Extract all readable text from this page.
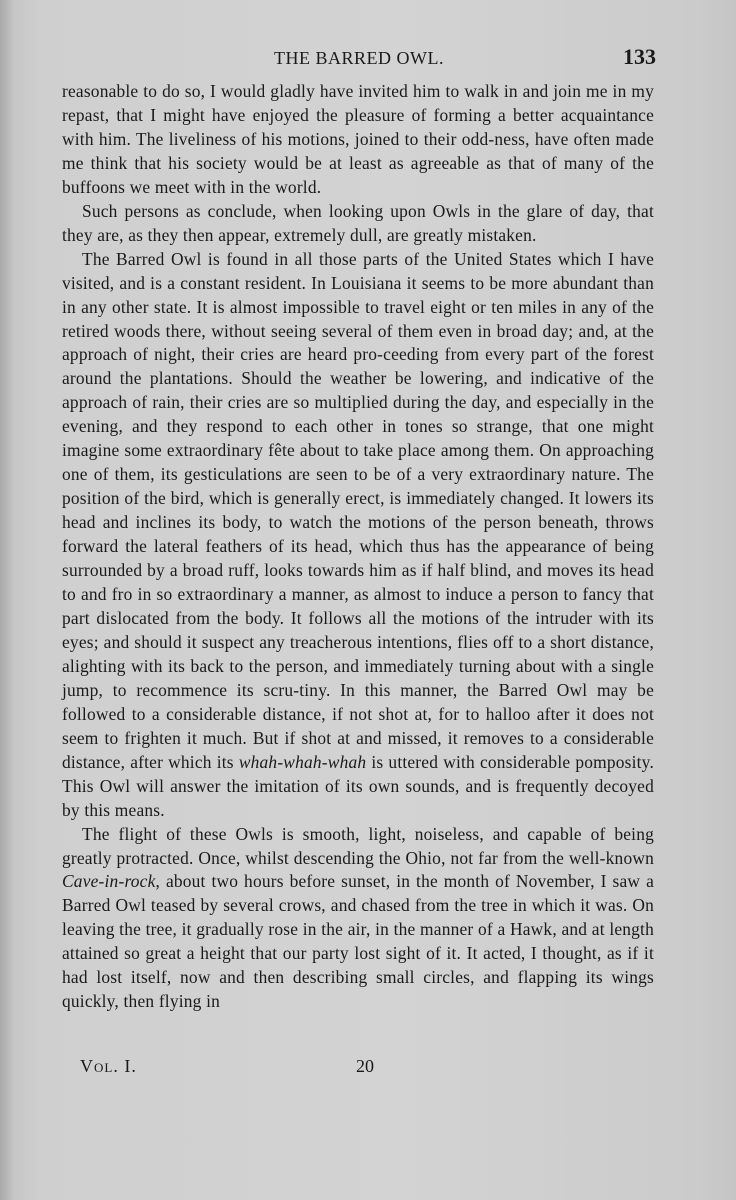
THE BARRED OWL.	133

reasonable to do so, I would gladly have invited him to walk in and join me in my repast, that I might have enjoyed the pleasure of forming a better acquaintance with him. The liveliness of his motions, joined to their odd-ness, have often made me think that his society would be at least as agreeable as that of many of the buffoons we meet with in the world.

Such persons as conclude, when looking upon Owls in the glare of day, that they are, as they then appear, extremely dull, are greatly mistaken.

The Barred Owl is found in all those parts of the United States which I have visited, and is a constant resident. In Louisiana it seems to be more abundant than in any other state. It is almost impossible to travel eight or ten miles in any of the retired woods there, without seeing several of them even in broad day; and, at the approach of night, their cries are heard pro-ceeding from every part of the forest around the plantations. Should the weather be lowering, and indicative of the approach of rain, their cries are so multiplied during the day, and especially in the evening, and they respond to each other in tones so strange, that one might imagine some extraordinary fête about to take place among them. On approaching one of them, its gesticulations are seen to be of a very extraordinary nature. The position of the bird, which is generally erect, is immediately changed. It lowers its head and inclines its body, to watch the motions of the person beneath, throws forward the lateral feathers of its head, which thus has the appearance of being surrounded by a broad ruff, looks towards him as if half blind, and moves its head to and fro in so extraordinary a manner, as almost to induce a person to fancy that part dislocated from the body. It follows all the motions of the intruder with its eyes; and should it suspect any treacherous intentions, flies off to a short distance, alighting with its back to the person, and immediately turning about with a single jump, to recommence its scru-tiny. In this manner, the Barred Owl may be followed to a considerable distance, if not shot at, for to halloo after it does not seem to frighten it much. But if shot at and missed, it removes to a considerable distance, after which its whah-whah-whah is uttered with considerable pomposity. This Owl will answer the imitation of its own sounds, and is frequently decoyed by this means.

The flight of these Owls is smooth, light, noiseless, and capable of being greatly protracted. Once, whilst descending the Ohio, not far from the well-known Cave-in-rock, about two hours before sunset, in the month of November, I saw a Barred Owl teased by several crows, and chased from the tree in which it was. On leaving the tree, it gradually rose in the air, in the manner of a Hawk, and at length attained so great a height that our party lost sight of it. It acted, I thought, as if it had lost itself, now and then describing small circles, and flapping its wings quickly, then flying in

Vol. I.	20
